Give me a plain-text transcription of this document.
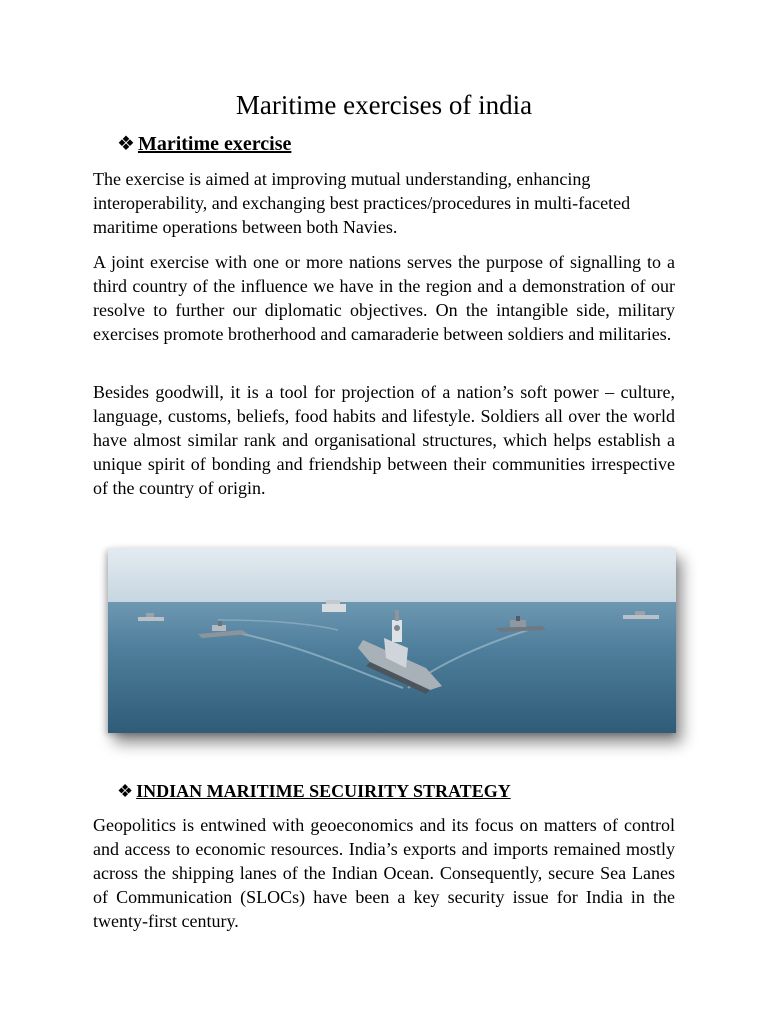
Maritime exercises of india
❖ Maritime exercise

The exercise is aimed at improving mutual understanding, enhancing interoperability, and exchanging best practices/procedures in multi-faceted maritime operations between both Navies.

A joint exercise with one or more nations serves the purpose of signalling to a third country of the influence we have in the region and a demonstration of our resolve to further our diplomatic objectives. On the intangible side, military exercises promote brotherhood and camaraderie between soldiers and militaries.

Besides goodwill, it is a tool for projection of a nation’s soft power – culture, language, customs, beliefs, food habits and lifestyle. Soldiers all over the world have almost similar rank and organisational structures, which helps establish a unique spirit of bonding and friendship between their communities irrespective of the country of origin.

❖ INDIAN MARITIME SECUIRITY STRATEGY

Geopolitics is entwined with geoeconomics and its focus on matters of control and access to economic resources. India’s exports and imports remained mostly across the shipping lanes of the Indian Ocean. Consequently, secure Sea Lanes of Communication (SLOCs) have been a key security issue for India in the twenty-first century.
